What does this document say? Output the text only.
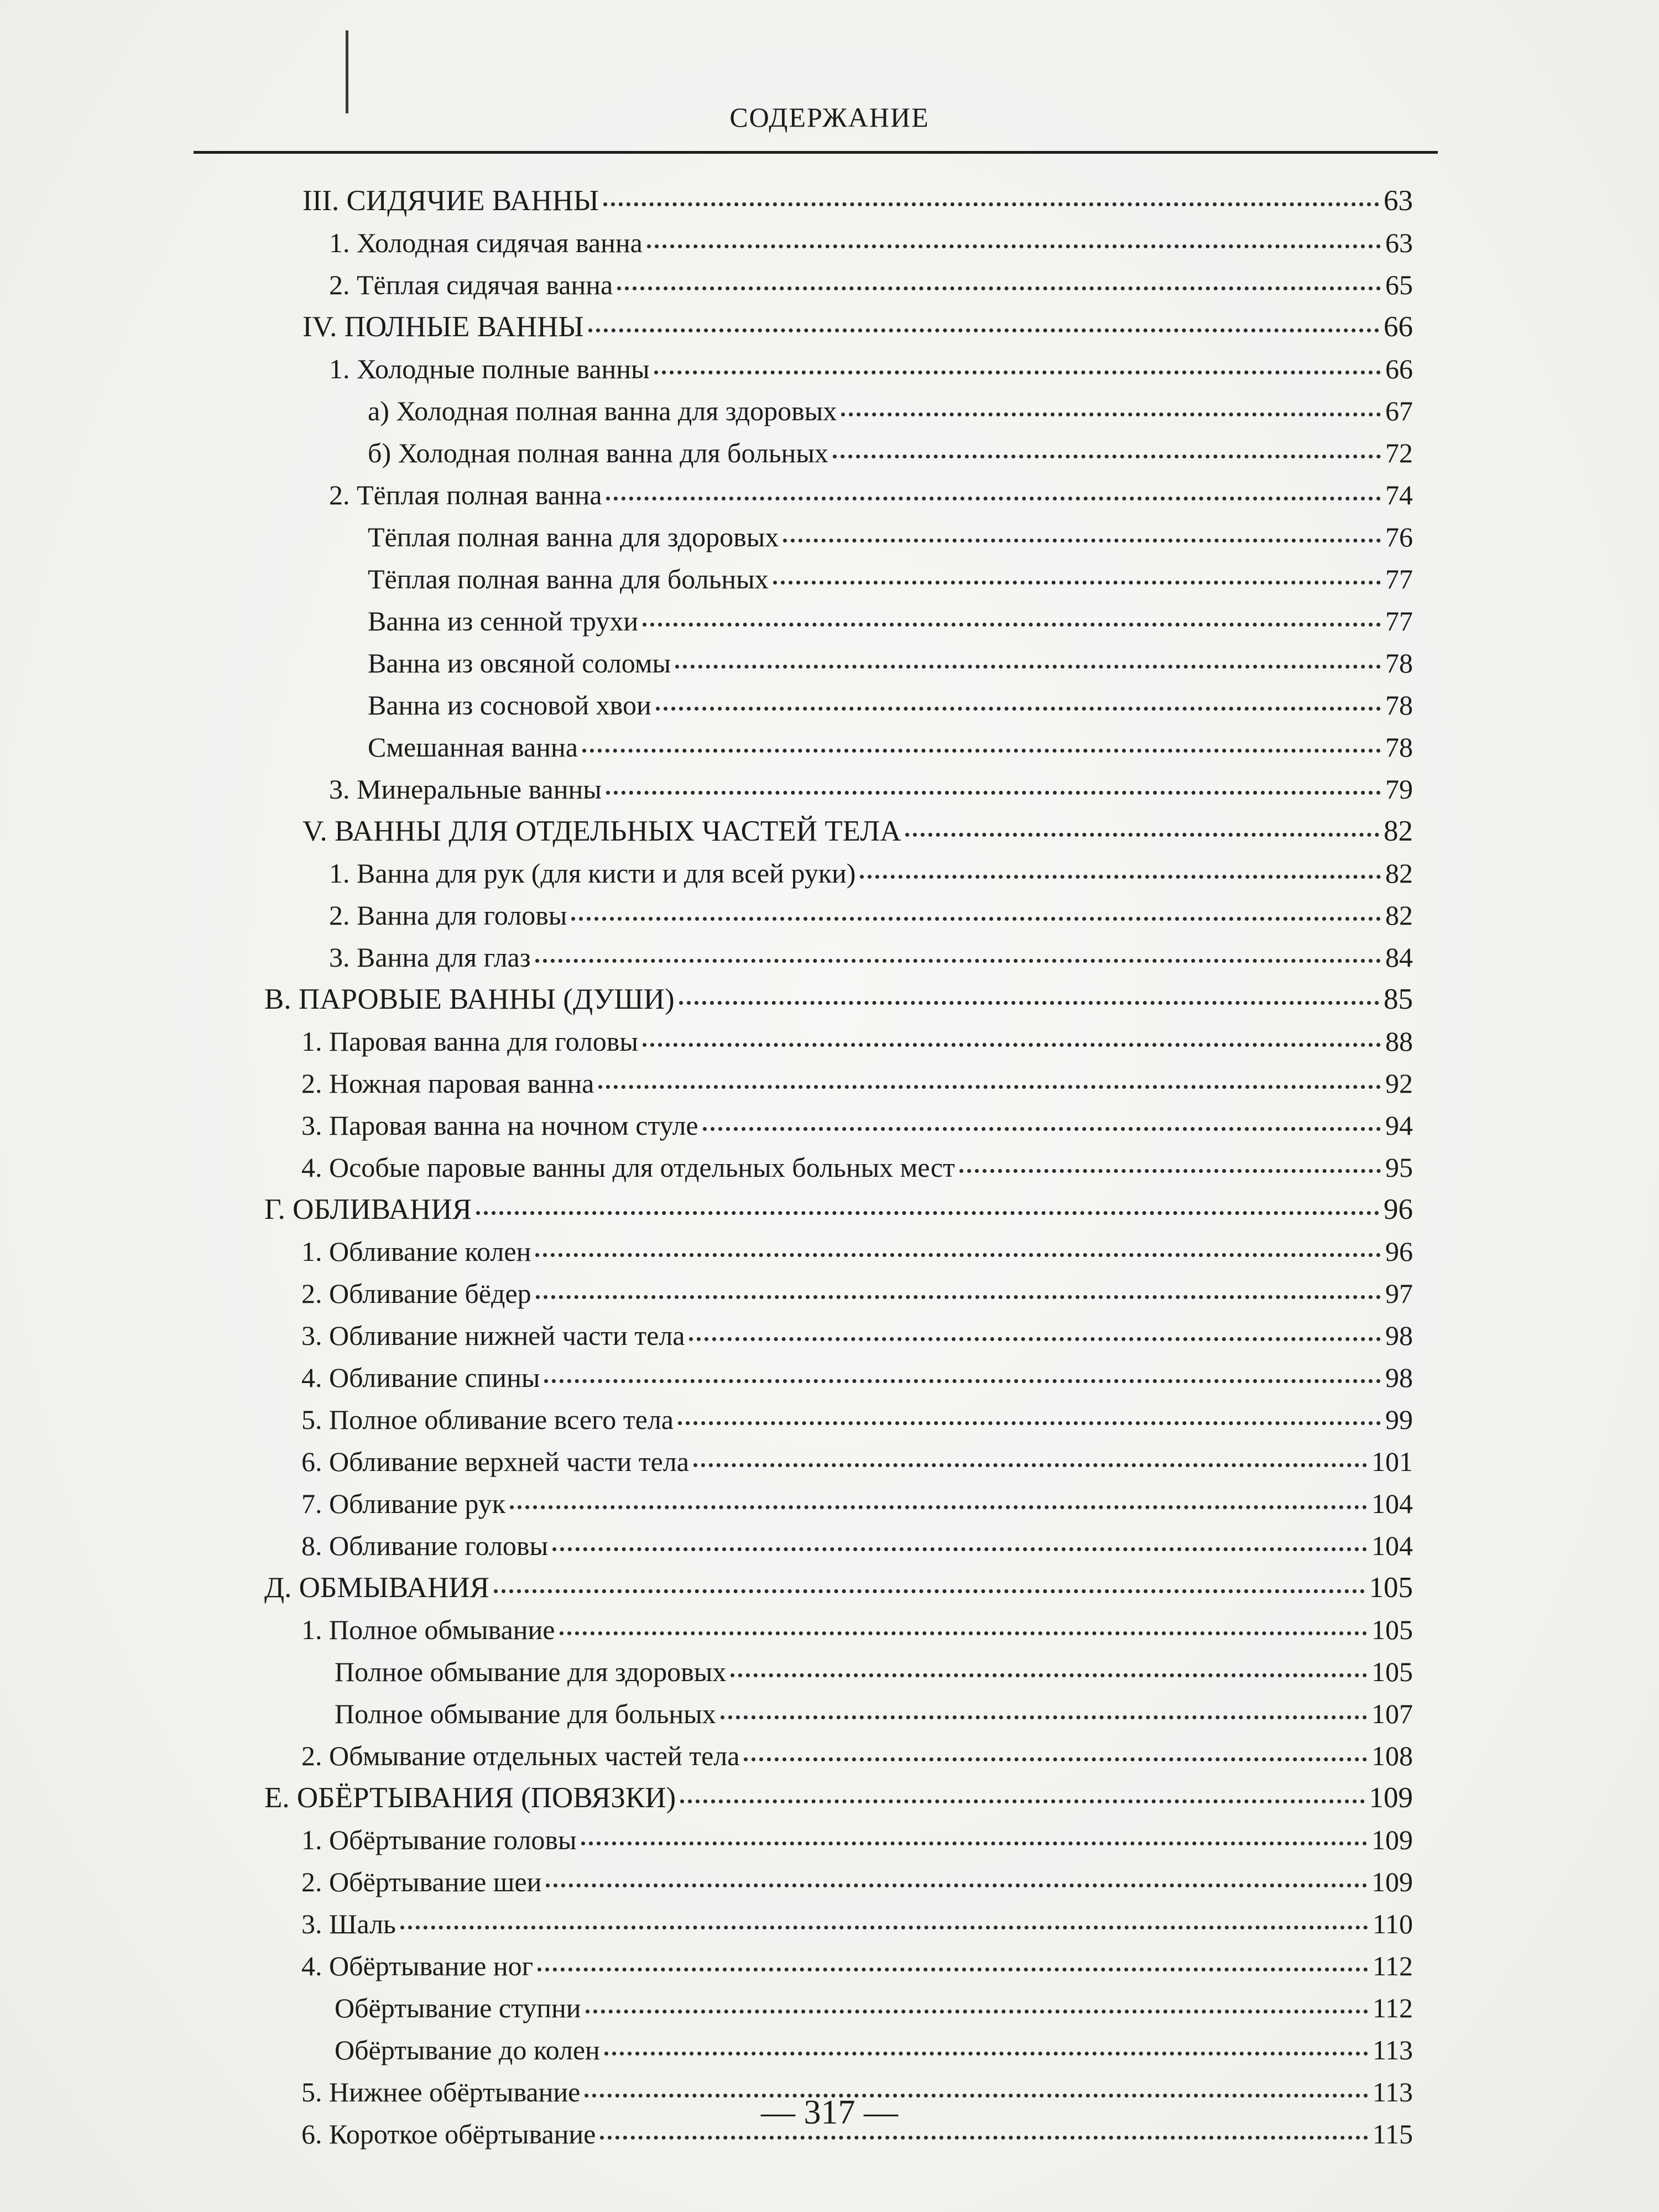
СОДЕРЖАНИЕ
III. СИДЯЧИЕ ВАННЫ	63
1. Холодная сидячая ванна	63
2. Тёплая сидячая ванна	65
IV. ПОЛНЫЕ ВАННЫ	66
1. Холодные полные ванны	66
а) Холодная полная ванна для здоровых	67
б) Холодная полная ванна для больных	72
2. Тёплая полная ванна	74
Тёплая полная ванна для здоровых	76
Тёплая полная ванна для больных	77
Ванна из сенной трухи	77
Ванна из овсяной соломы	78
Ванна из сосновой хвои	78
Смешанная ванна	78
3. Минеральные ванны	79
V. ВАННЫ ДЛЯ ОТДЕЛЬНЫХ ЧАСТЕЙ ТЕЛА	82
1. Ванна для рук (для кисти и для всей руки)	82
2. Ванна для головы	82
3. Ванна для глаз	84
В. ПАРОВЫЕ ВАННЫ (ДУШИ)	85
1. Паровая ванна для головы	88
2. Ножная паровая ванна	92
3. Паровая ванна на ночном стуле	94
4. Особые паровые ванны для отдельных больных мест	95
Г. ОБЛИВАНИЯ	96
1. Обливание колен	96
2. Обливание бёдер	97
3. Обливание нижней части тела	98
4. Обливание спины	98
5. Полное обливание всего тела	99
6. Обливание верхней части тела	101
7. Обливание рук	104
8. Обливание головы	104
Д. ОБМЫВАНИЯ	105
1. Полное обмывание	105
Полное обмывание для здоровых	105
Полное обмывание для больных	107
2. Обмывание отдельных частей тела	108
Е. ОБЁРТЫВАНИЯ (ПОВЯЗКИ)	109
1. Обёртывание головы	109
2. Обёртывание шеи	109
3. Шаль	110
4. Обёртывание ног	112
Обёртывание ступни	112
Обёртывание до колен	113
5. Нижнее обёртывание	113
6. Короткое обёртывание	115
— 317 —
